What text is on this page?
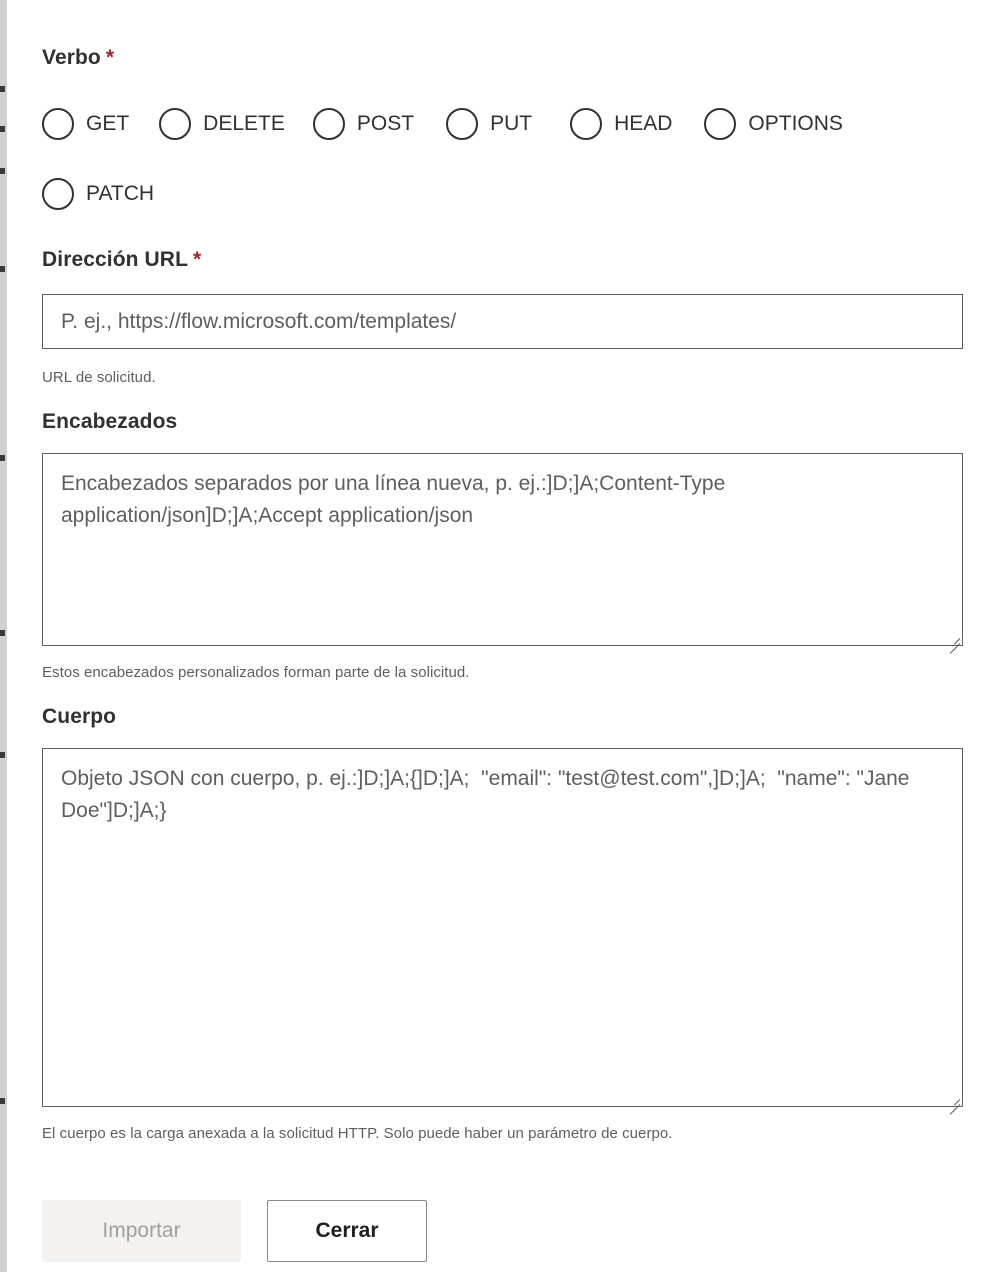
Verbo *
GET	DELETE	POST	PUT	HEAD	OPTIONS
PATCH
Dirección URL *
P. ej., https://flow.microsoft.com/templates/
URL de solicitud.
Encabezados
Encabezados separados por una línea nueva, p. ej.:]D;]A;Content-Type application/json]D;]A;Accept application/json
Estos encabezados personalizados forman parte de la solicitud.
Cuerpo
Objeto JSON con cuerpo, p. ej.:]D;]A;{]D;]A; "email": "test@test.com",]D;]A; "name": "Jane Doe"]D;]A;}
El cuerpo es la carga anexada a la solicitud HTTP. Solo puede haber un parámetro de cuerpo.
Importar	Cerrar
